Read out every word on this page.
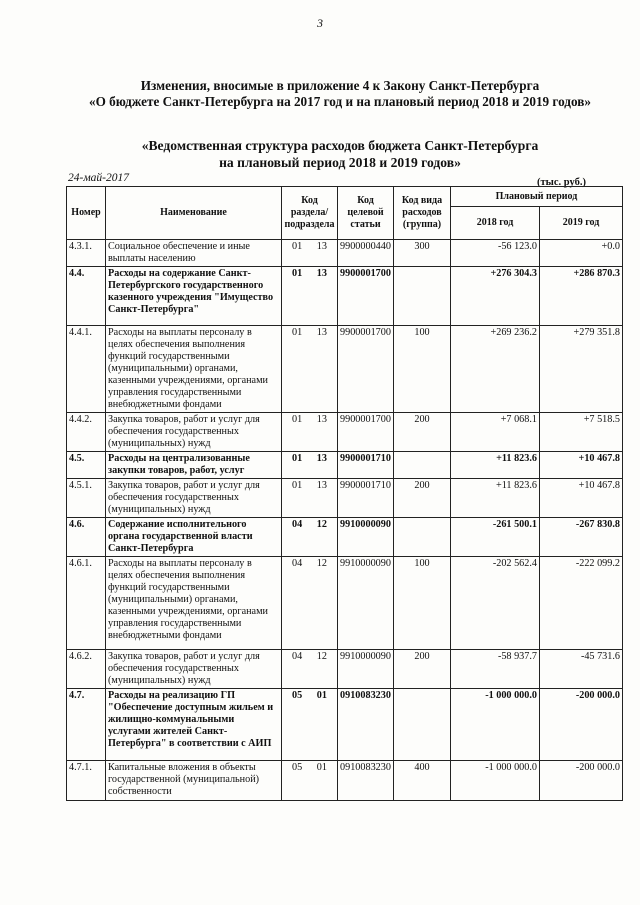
3
Изменения, вносимые в приложение 4 к Закону Санкт-Петербурга
«О бюджете Санкт-Петербурга на 2017 год и на плановый период 2018 и 2019 годов»
«Ведомственная структура расходов бюджета Санкт-Петербурга
на плановый период 2018 и 2019 годов»
24-май-2017	(тыс. руб.)
Номер	Наименование	Код раздела/ подраздела	Код целевой статьи	Код вида расходов (группа)	Плановый период	
					2018 год	2019 год
4.3.1.	Социальное обеспечение и иные выплаты населению	01 13	9900000440	300	-56 123.0	+0.0
4.4.	Расходы на содержание Санкт-Петербургского государственного казенного учреждения "Имущество Санкт-Петербурга"	01 13	9900001700		+276 304.3	+286 870.3
4.4.1.	Расходы на выплаты персоналу в целях обеспечения выполнения функций государственными (муниципальными) органами, казенными учреждениями, органами управления государственными внебюджетными фондами	01 13	9900001700	100	+269 236.2	+279 351.8
4.4.2.	Закупка товаров, работ и услуг для обеспечения государственных (муниципальных) нужд	01 13	9900001700	200	+7 068.1	+7 518.5
4.5.	Расходы на централизованные закупки товаров, работ, услуг	01 13	9900001710		+11 823.6	+10 467.8
4.5.1.	Закупка товаров, работ и услуг для обеспечения государственных (муниципальных) нужд	01 13	9900001710	200	+11 823.6	+10 467.8
4.6.	Содержание исполнительного органа государственной власти Санкт-Петербурга	04 12	9910000090		-261 500.1	-267 830.8
4.6.1.	Расходы на выплаты персоналу в целях обеспечения выполнения функций государственными (муниципальными) органами, казенными учреждениями, органами управления государственными внебюджетными фондами	04 12	9910000090	100	-202 562.4	-222 099.2
4.6.2.	Закупка товаров, работ и услуг для обеспечения государственных (муниципальных) нужд	04 12	9910000090	200	-58 937.7	-45 731.6
4.7.	Расходы на реализацию ГП "Обеспечение доступным жильем и жилищно-коммунальными услугами жителей Санкт-Петербурга" в соответствии с АИП	05 01	0910083230		-1 000 000.0	-200 000.0
4.7.1.	Капитальные вложения в объекты государственной (муниципальной) собственности	05 01	0910083230	400	-1 000 000.0	-200 000.0
